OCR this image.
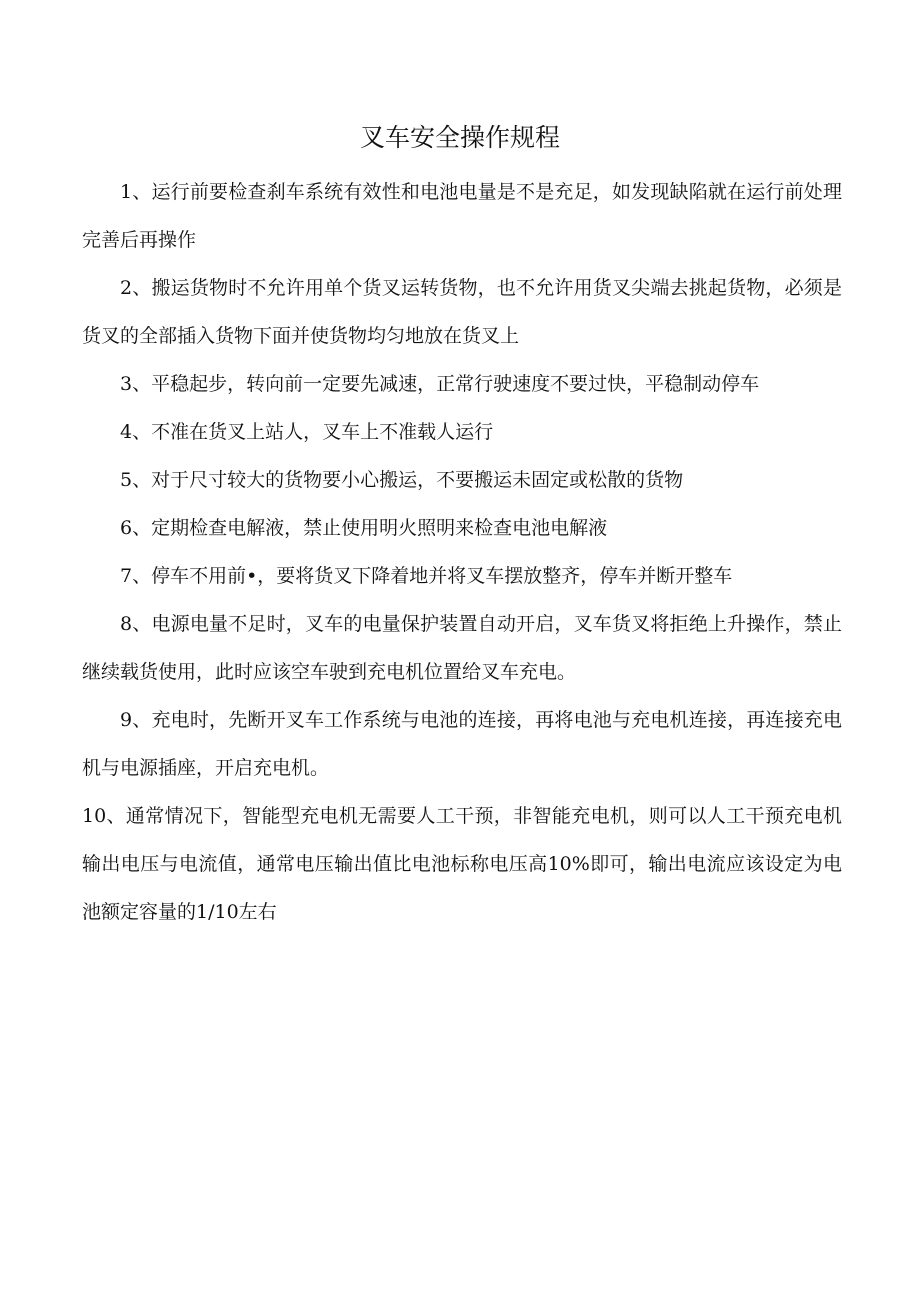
叉车安全操作规程

1、运行前要检查刹车系统有效性和电池电量是不是充足，如发现缺陷就在运行前处理完善后再操作

2、搬运货物时不允许用单个货叉运转货物，也不允许用货叉尖端去挑起货物，必须是货叉的全部插入货物下面并使货物均匀地放在货叉上

3、平稳起步，转向前一定要先减速，正常行驶速度不要过快，平稳制动停车

4、不准在货叉上站人，叉车上不准载人运行

5、对于尺寸较大的货物要小心搬运，不要搬运未固定或松散的货物

6、定期检查电解液，禁止使用明火照明来检查电池电解液

7、停车不用前•，要将货叉下降着地并将叉车摆放整齐，停车并断开整车

8、电源电量不足时，叉车的电量保护装置自动开启，叉车货叉将拒绝上升操作，禁止继续载货使用，此时应该空车驶到充电机位置给叉车充电。

9、充电时，先断开叉车工作系统与电池的连接，再将电池与充电机连接，再连接充电机与电源插座，开启充电机。

10、通常情况下，智能型充电机无需要人工干预，非智能充电机，则可以人工干预充电机输出电压与电流值，通常电压输出值比电池标称电压高10%即可，输出电流应该设定为电池额定容量的1/10左右
